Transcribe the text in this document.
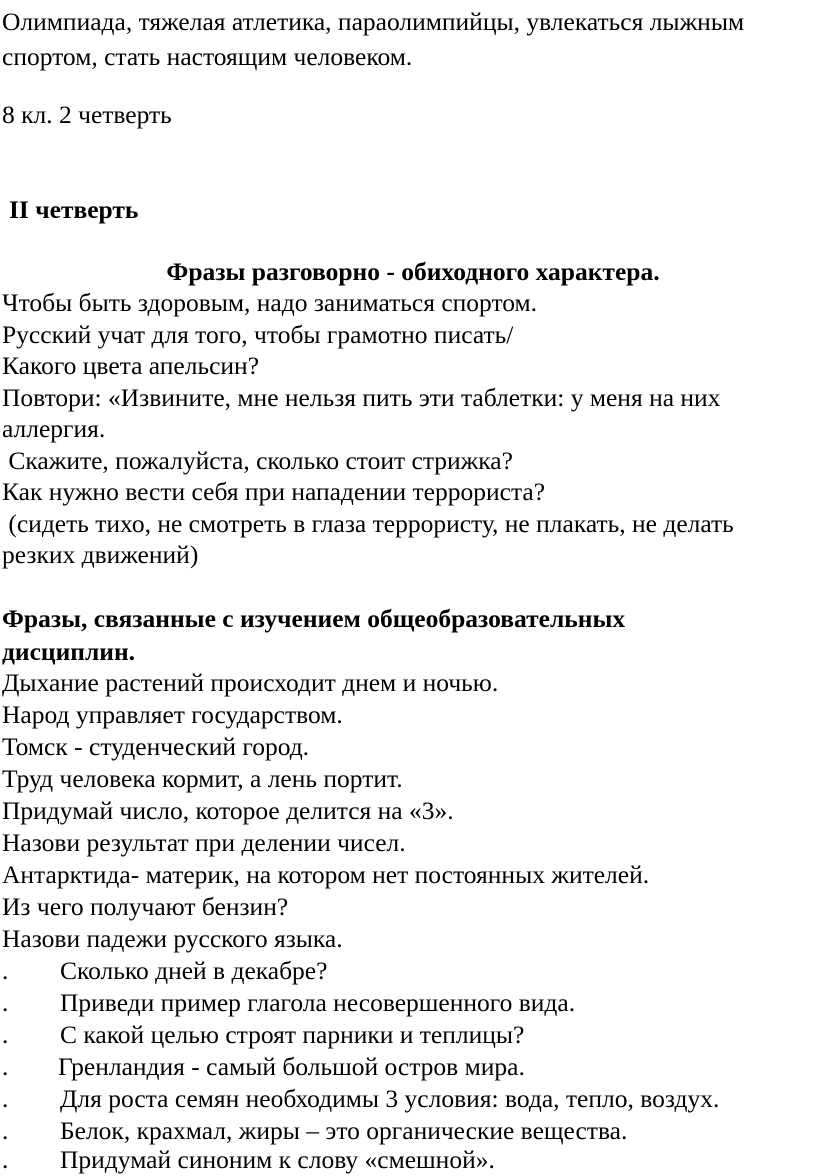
Олимпиада, тяжелая атлетика, параолимпийцы, увлекаться лыжным
спортом, стать настоящим человеком.
8 кл. 2 четверть
II четверть
Фразы разговорно - обиходного характера.
Чтобы быть здоровым, надо заниматься спортом.
Русский учат для того, чтобы грамотно писать/
Какого цвета апельсин?
Повтори: «Извините, мне нельзя пить эти таблетки: у меня на них
аллергия.
Скажите, пожалуйста, сколько стоит стрижка?
Как нужно вести себя при нападении террориста?
(сидеть тихо, не смотреть в глаза террористу, не плакать, не делать
резких движений)
Фразы, связанные с изучением общеобразовательных
дисциплин.
Дыхание растений происходит днем и ночью.
Народ управляет государством.
Томск - студенческий город.
Труд человека кормит, а лень портит.
Придумай число, которое делится на «3».
Назови результат при делении чисел.
Антарктида- материк, на котором нет постоянных жителей.
Из чего получают бензин?
Назови падежи русского языка.
. Сколько дней в декабре?
. Приведи пример глагола несовершенного вида.
. С какой целью строят парники и теплицы?
. Гренландия - самый большой остров мира.
. Для роста семян необходимы 3 условия: вода, тепло, воздух.
. Белок, крахмал, жиры – это органические вещества.
. Придумай синоним к слову «смешной».
